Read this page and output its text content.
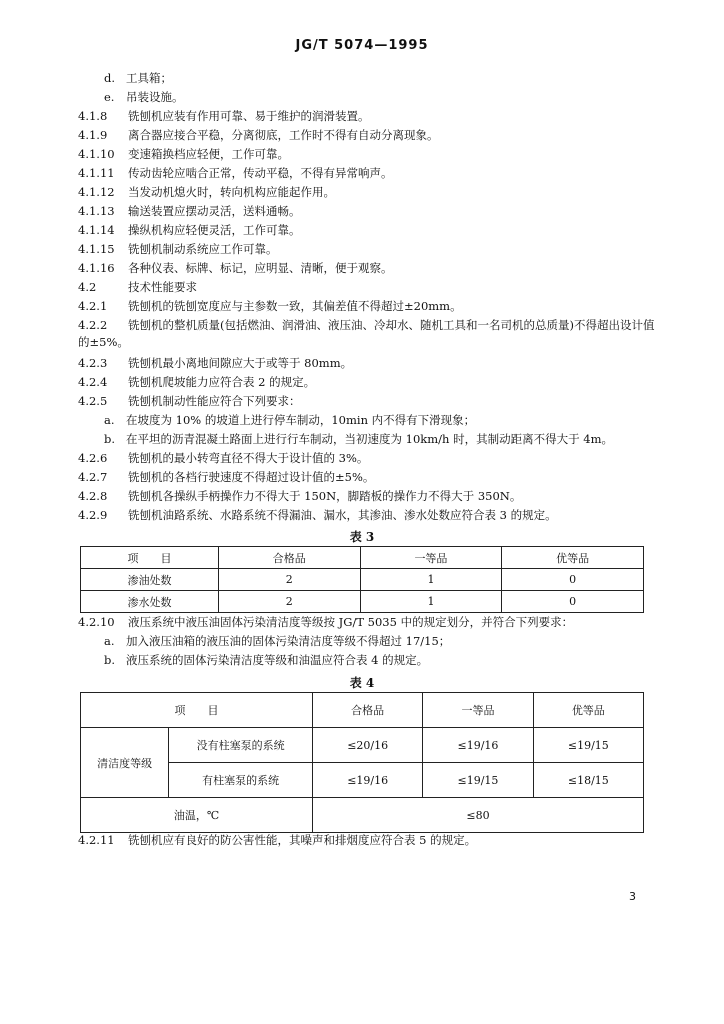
JG/T 5074—1995
d. 工具箱；
e. 吊装设施。
4.1.8 铣刨机应装有作用可靠、易于维护的润滑装置。
4.1.9 离合器应接合平稳，分离彻底，工作时不得有自动分离现象。
4.1.10 变速箱换档应轻便，工作可靠。
4.1.11 传动齿轮应啮合正常，传动平稳，不得有异常响声。
4.1.12 当发动机熄火时，转向机构应能起作用。
4.1.13 输送装置应摆动灵活，送料通畅。
4.1.14 操纵机构应轻便灵活，工作可靠。
4.1.15 铣刨机制动系统应工作可靠。
4.1.16 各种仪表、标牌、标记，应明显、清晰，便于观察。
4.2	技术性能要求
4.2.1 铣刨机的铣刨宽度应与主参数一致，其偏差值不得超过±20mm。
4.2.2 铣刨机的整机质量(包括燃油、润滑油、液压油、冷却水、随机工具和一名司机的总质量)不得超出设计值的±5%。
4.2.3 铣刨机最小离地间隙应大于或等于 80mm。
4.2.4 铣刨机爬坡能力应符合表 2 的规定。
4.2.5 铣刨机制动性能应符合下列要求：
a. 在坡度为 10% 的坡道上进行停车制动，10min 内不得有下滑现象；
b. 在平坦的沥青混凝土路面上进行行车制动，当初速度为 10km/h 时，其制动距离不得大于 4m。
4.2.6 铣刨机的最小转弯直径不得大于设计值的 3%。
4.2.7 铣刨机的各档行驶速度不得超过设计值的±5%。
4.2.8 铣刨机各操纵手柄操作力不得大于 150N，脚踏板的操作力不得大于 350N。
4.2.9 铣刨机油路系统、水路系统不得漏油、漏水，其渗油、渗水处数应符合表 3 的规定。
表 3
项　　目	合格品	一等品	优等品
渗油处数	2	1	0
渗水处数	2	1	0
4.2.10 液压系统中液压油固体污染清洁度等级按 JG/T 5035 中的规定划分，并符合下列要求：
a. 加入液压油箱的液压油的固体污染清洁度等级不得超过 17/15；
b. 液压系统的固体污染清洁度等级和油温应符合表 4 的规定。
表 4
项　　目		合格品	一等品	优等品
清洁度等级	没有柱塞泵的系统	≤20/16	≤19/16	≤19/15
	有柱塞泵的系统	≤19/16	≤19/15	≤18/15
油温，℃		≤80		
4.2.11 铣刨机应有良好的防公害性能，其噪声和排烟度应符合表 5 的规定。
3
